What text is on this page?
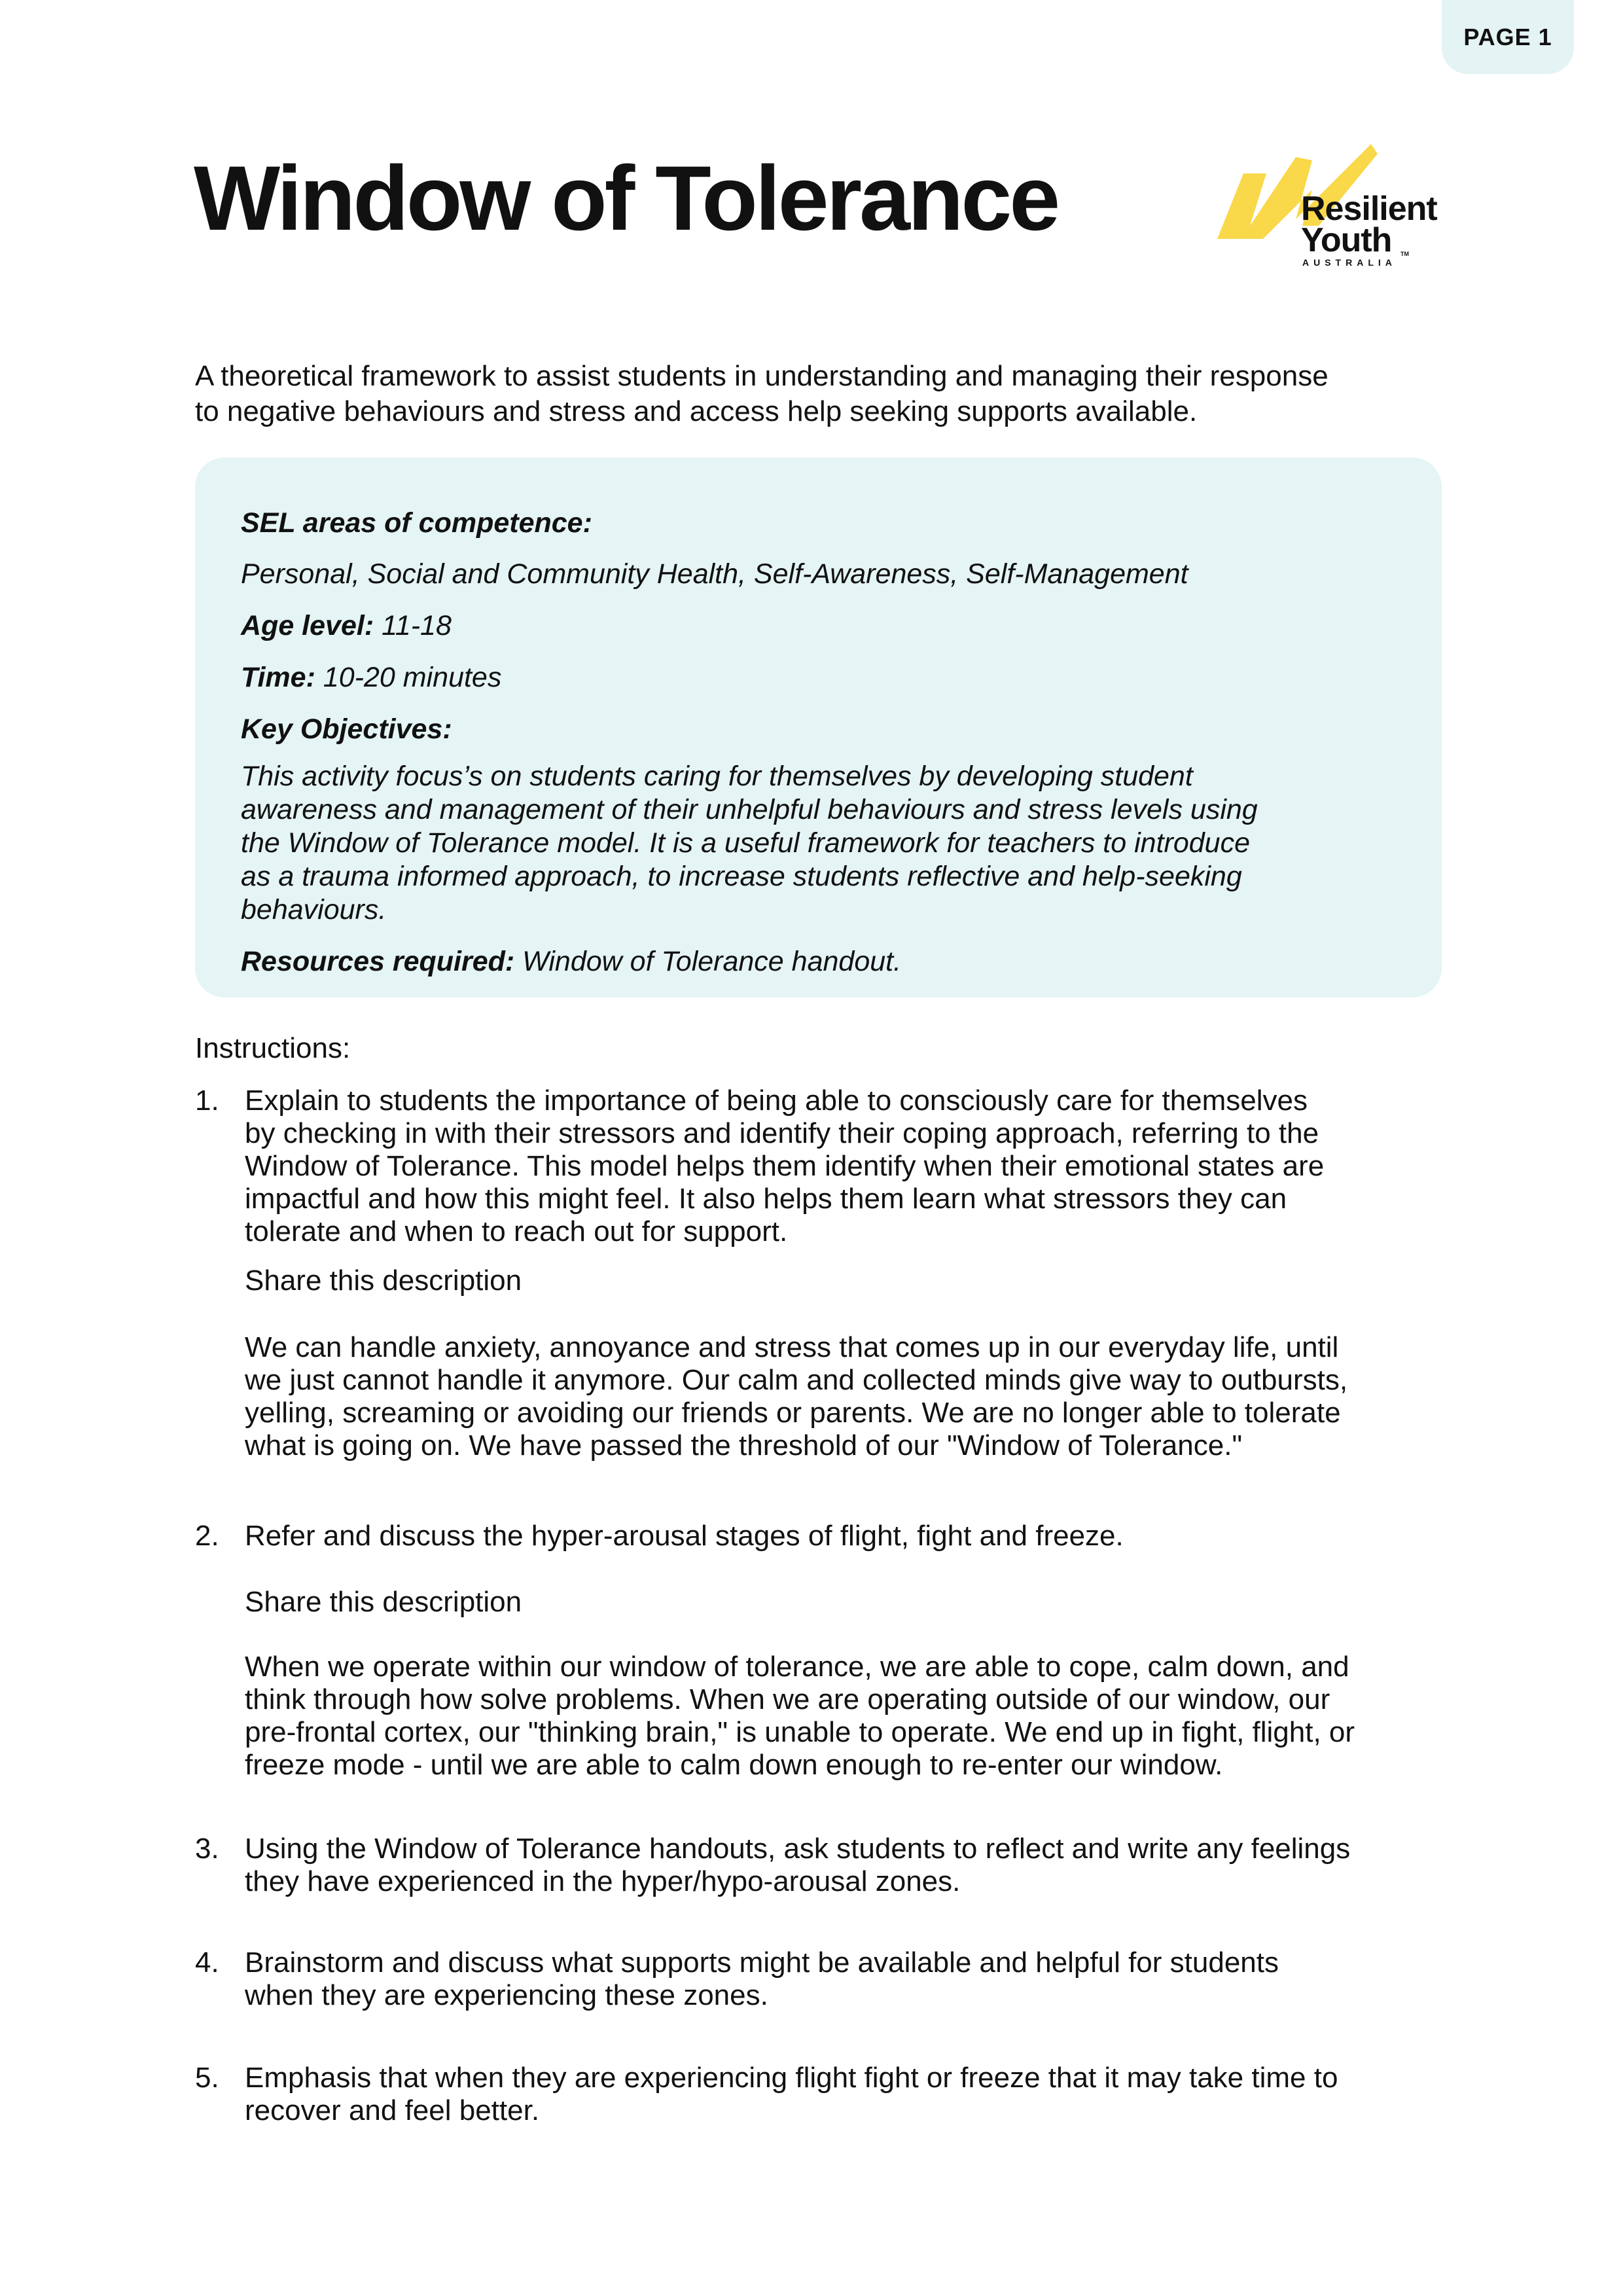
PAGE 1
Window of Tolerance	Resilient
Youth
AUSTRALIA
TM
A theoretical framework to assist students in understanding and managing their response
to negative behaviours and stress and access help seeking supports available.
SEL areas of competence:
Personal, Social and Community Health, Self-Awareness, Self-Management
Age level: 11-18
Time: 10-20 minutes
Key Objectives:
This activity focus’s on students caring for themselves by developing student
awareness and management of their unhelpful behaviours and stress levels using
the Window of Tolerance model. It is a useful framework for teachers to introduce
as a trauma informed approach, to increase students reflective and help-seeking
behaviours.
Resources required: Window of Tolerance handout.
Instructions:
1. Explain to students the importance of being able to consciously care for themselves
by checking in with their stressors and identify their coping approach, referring to the
Window of Tolerance. This model helps them identify when their emotional states are
impactful and how this might feel. It also helps them learn what stressors they can
tolerate and when to reach out for support.
Share this description
We can handle anxiety, annoyance and stress that comes up in our everyday life, until
we just cannot handle it anymore. Our calm and collected minds give way to outbursts,
yelling, screaming or avoiding our friends or parents. We are no longer able to tolerate
what is going on. We have passed the threshold of our "Window of Tolerance."
2. Refer and discuss the hyper-arousal stages of flight, fight and freeze.
Share this description
When we operate within our window of tolerance, we are able to cope, calm down, and
think through how solve problems. When we are operating outside of our window, our
pre-frontal cortex, our "thinking brain," is unable to operate. We end up in fight, flight, or
freeze mode - until we are able to calm down enough to re-enter our window.
3. Using the Window of Tolerance handouts, ask students to reflect and write any feelings
they have experienced in the hyper/hypo-arousal zones.
4. Brainstorm and discuss what supports might be available and helpful for students
when they are experiencing these zones.
5. Emphasis that when they are experiencing flight fight or freeze that it may take time to
recover and feel better.
